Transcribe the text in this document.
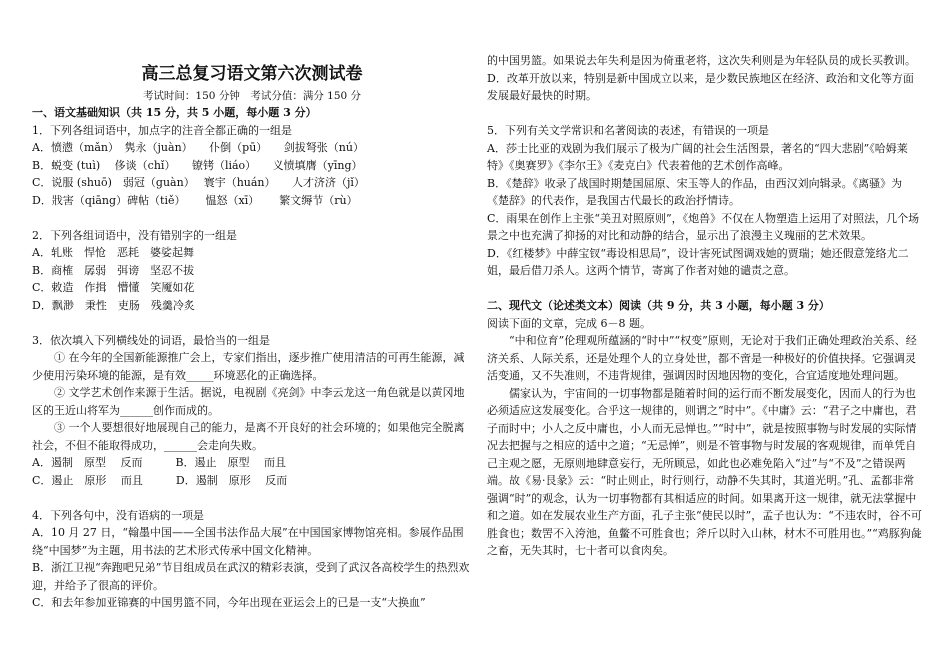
高三总复习语文第六次测试卷
考试时间：150 分钟　考试分值：满分 150 分

一、语文基础知识（共 15 分，共 5 小题，每小题 3 分）

1．下列各组词语中，加点字的注音全都正确的一组是

A．愤懑（mǎn）　隽永（juàn）　　仆倒（pū）　　剑拔弩张（nú）

B．蜕变 (tuì)　 侈谈（chǐ）　　镣铐（liáo）　　义愤填膺（yīng）

C．说服 (shuō)　弱冠（guàn）　 寰宇（huán）　　人才济济（jǐ）

D．戕害（qiāng）碑帖（tiě）　　 愠怒（xī）　　 繁文缛节（rù）

2．下列各组词语中，没有错别字的一组是

A．轧账　悍怆　恶耗　婆娑起舞

B．商榷　孱弱　弭谤　坚忍不拔

C．敕造　作揖　懵懂　笑魇如花

D．飘渺　秉性　吏肠　残羹冷炙

3．依次填入下列横线处的词语，最恰当的一组是

① 在今年的全国新能源推广会上，专家们指出，逐步推广使用清洁的可再生能源，减少使用污染环境的能源，是有效_____环境恶化的正确选择。

② 文学艺术创作来源于生活。据说，电视剧《亮剑》中李云龙这一角色就是以黄冈地区的王近山将军为______创作而成的。

③ 一个人要想很好地展现自己的能力，是离不开良好的社会环境的；如果他完全脱离社会，不但不能取得成功，______会走向失败。

A．遏制　原型　 反而　　　B．遏止　原型　 而且

C．遏止　原形　 而且　　　D．遏制　原形　 反而

4．下列各句中，没有语病的一项是

A．10 月 27 日，“翰墨中国——全国书法作品大展”在中国国家博物馆亮相。参展作品围绕“中国梦”为主题，用书法的艺术形式传承中国文化精神。

B．浙江卫视“奔跑吧兄弟”节目组成员在武汉的精彩表演，受到了武汉各高校学生的热烈欢迎，并给予了很高的评价。

C．和去年参加亚锦赛的中国男篮不同，今年出现在亚运会上的已是一支“大换血”

的中国男篮。如果说去年失利是因为倚重老将，这次失利则是为年轻队员的成长买教训。

D．改革开放以来，特别是新中国成立以来，是少数民族地区在经济、政治和文化等方面发展最好最快的时期。

5．下列有关文学常识和名著阅读的表述，有错误的一项是

A．莎士比亚的戏剧为我们展示了极为广阔的社会生活图景，著名的“四大悲剧”《哈姆莱特》《奥赛罗》《李尔王》《麦克白》代表着他的艺术创作高峰。

B．《楚辞》收录了战国时期楚国屈原、宋玉等人的作品，由西汉刘向辑录。《离骚》为《楚辞》的代表作，是我国古代最长的政治抒情诗。

C．雨果在创作上主张“美丑对照原则”，《炮兽》不仅在人物塑造上运用了对照法，几个场景之中也充满了抑扬的对比和动静的结合，显示出了浪漫主义瑰丽的艺术效果。

D．《红楼梦》中薛宝钗“毒设相思局”，设计害死试图调戏她的贾瑞；她还假意笼络尤二姐，最后借刀杀人。这两个情节，寄寓了作者对她的谴责之意。

二、现代文（论述类文本）阅读（共 9 分，共 3 小题，每小题 3 分）

阅读下面的文章，完成 6－8 题。

“中和位育”伦理观所蕴涵的“时中”“权变”原则，无论对于我们正确处理政治关系、经济关系、人际关系，还是处理个人的立身处世，都不啻是一种极好的价值抉择。它强调灵活变通，又不失准则，不违背规律，强调因时因地因物的变化，合宜适度地处理问题。

儒家认为，宇宙间的一切事物都是随着时间的运行而不断发展变化，因而人的行为也必须适应这发展变化。合乎这一规律的，则谓之“时中”。《中庸》云：“君子之中庸也，君子而时中；小人之反中庸也，小人而无忌惮也。”“时中”，就是按照事物与时发展的实际情况去把握与之相应的适中之道；“无忌惮”，则是不管事物与时发展的客观规律，而单凭自己主观之愿，无原则地肆意妄行，无所顾忌，如此也必难免陷入“过”与“不及”之错误两端。故《易·艮彖》云：“时止则止，时行则行，动静不失其时，其道光明。”孔、孟都非常强调“时”的观念，认为一切事物都有其相适应的时间。如果离开这一规律，就无法掌握中和之道。如在发展农业生产方面，孔子主张“使民以时”，孟子也认为：“不违农时，谷不可胜食也；数罟不入洿池，鱼鳖不可胜食也；斧斤以时入山林，材木不可胜用也。”“鸡豚狗彘之畜，无失其时，七十者可以食肉矣。
